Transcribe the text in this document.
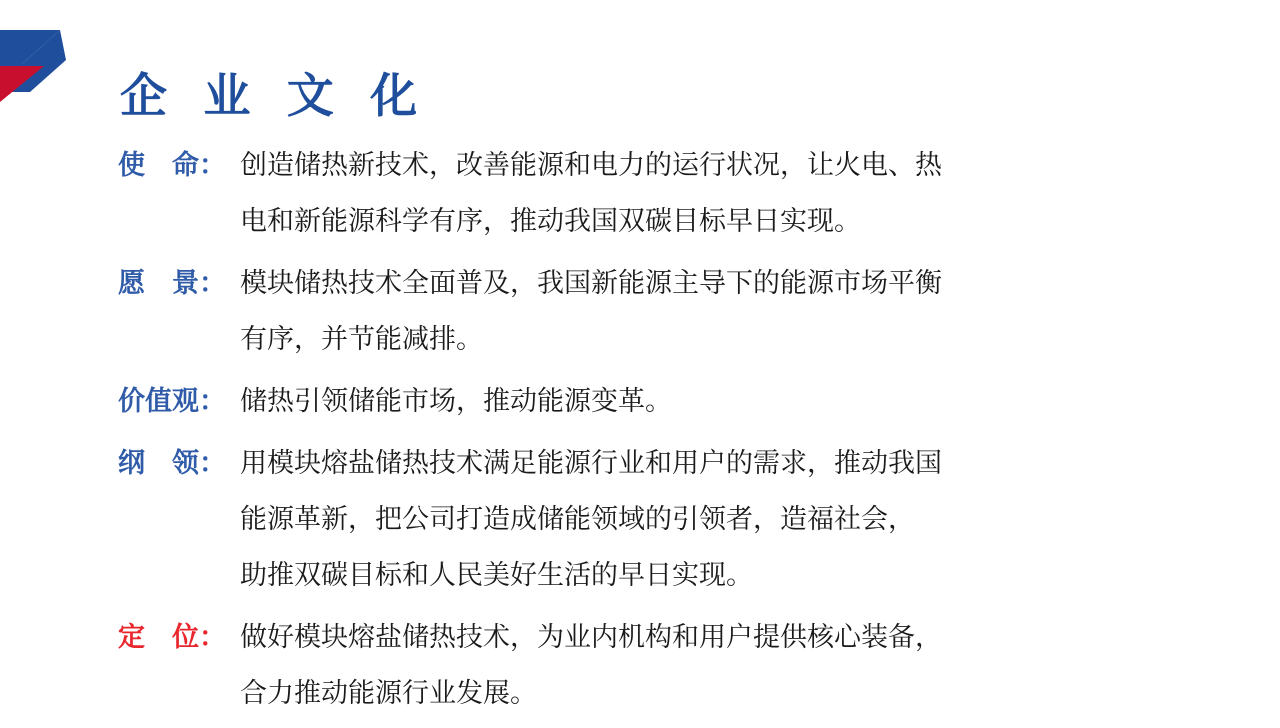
企 业 文 化
使　命： 创造储热新技术，改善能源和电力的运行状况，让火电、热
电和新能源科学有序，推动我国双碳目标早日实现。
愿　景： 模块储热技术全面普及，我国新能源主导下的能源市场平衡
有序，并节能减排。
价值观： 储热引领储能市场，推动能源变革。
纲　领： 用模块熔盐储热技术满足能源行业和用户的需求，推动我国
能源革新，把公司打造成储能领域的引领者，造福社会，
助推双碳目标和人民美好生活的早日实现。
定　位： 做好模块熔盐储热技术，为业内机构和用户提供核心装备，
合力推动能源行业发展。
